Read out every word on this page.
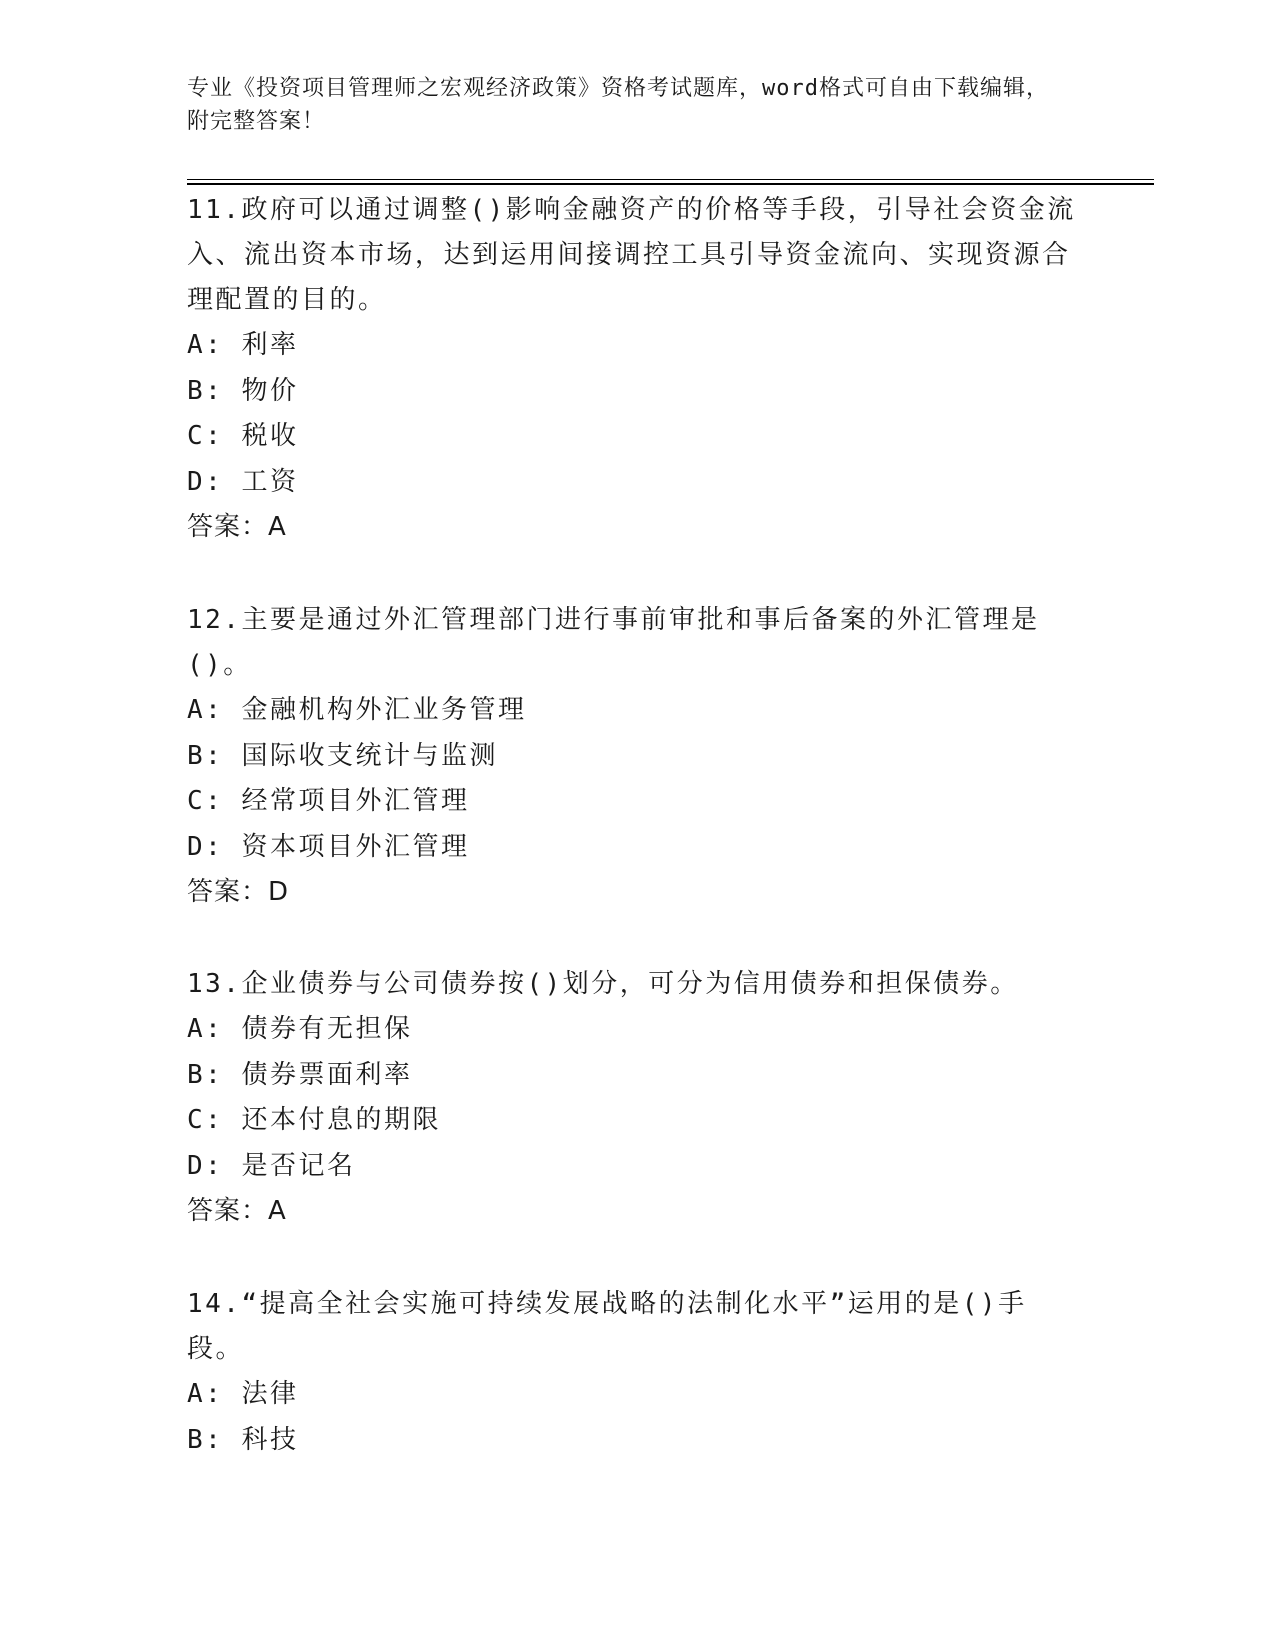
专业《投资项目管理师之宏观经济政策》资格考试题库，word格式可自由下载编辑，附完整答案！
11.政府可以通过调整()影响金融资产的价格等手段，引导社会资金流入、流出资本市场，达到运用间接调控工具引导资金流向、实现资源合理配置的目的。
A: 利率
B: 物价
C: 税收
D: 工资
答案：A
12.主要是通过外汇管理部门进行事前审批和事后备案的外汇管理是()。
A: 金融机构外汇业务管理
B: 国际收支统计与监测
C: 经常项目外汇管理
D: 资本项目外汇管理
答案：D
13.企业债券与公司债券按()划分，可分为信用债券和担保债券。
A: 债券有无担保
B: 债券票面利率
C: 还本付息的期限
D: 是否记名
答案：A
14.“提高全社会实施可持续发展战略的法制化水平”运用的是()手段。
A: 法律
B: 科技
